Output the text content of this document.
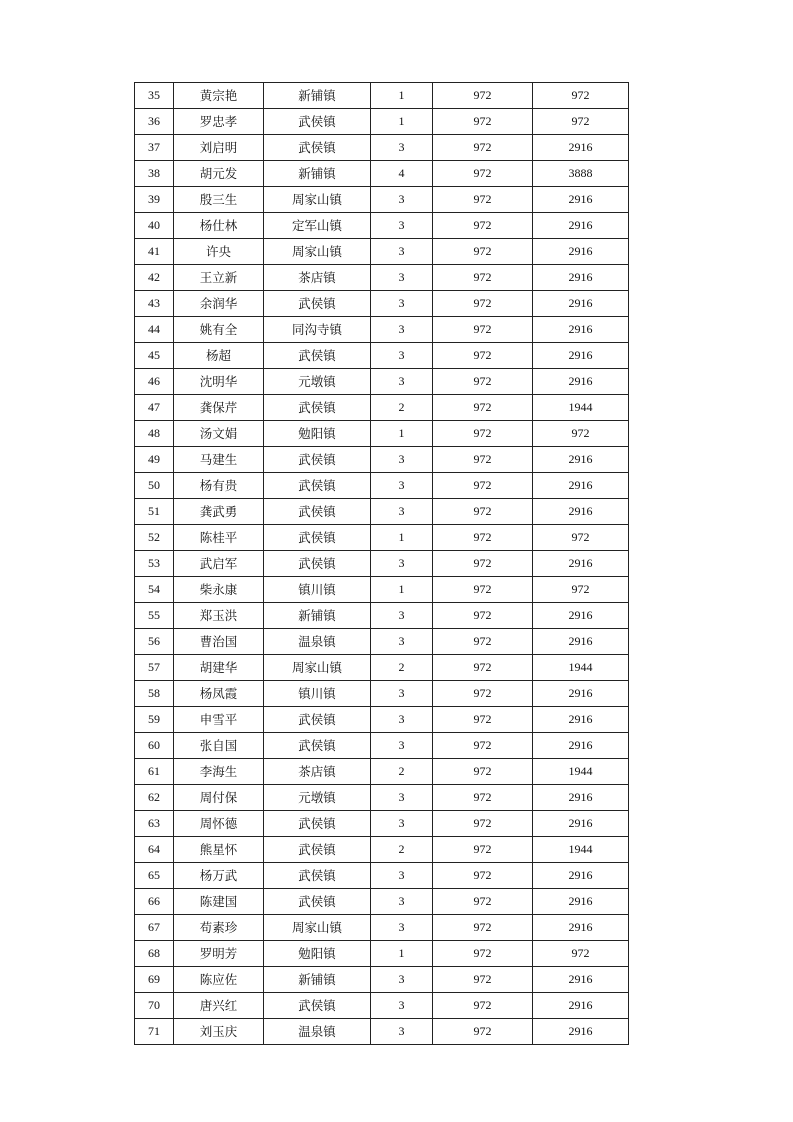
35	黄宗艳	新铺镇	1	972	972
36	罗忠孝	武侯镇	1	972	972
37	刘启明	武侯镇	3	972	2916
38	胡元发	新铺镇	4	972	3888
39	殷三生	周家山镇	3	972	2916
40	杨仕林	定军山镇	3	972	2916
41	许央	周家山镇	3	972	2916
42	王立新	茶店镇	3	972	2916
43	余润华	武侯镇	3	972	2916
44	姚有全	同沟寺镇	3	972	2916
45	杨超	武侯镇	3	972	2916
46	沈明华	元墩镇	3	972	2916
47	龚保芹	武侯镇	2	972	1944
48	汤文娟	勉阳镇	1	972	972
49	马建生	武侯镇	3	972	2916
50	杨有贵	武侯镇	3	972	2916
51	龚武勇	武侯镇	3	972	2916
52	陈桂平	武侯镇	1	972	972
53	武启军	武侯镇	3	972	2916
54	柴永康	镇川镇	1	972	972
55	郑玉洪	新铺镇	3	972	2916
56	曹治国	温泉镇	3	972	2916
57	胡建华	周家山镇	2	972	1944
58	杨凤霞	镇川镇	3	972	2916
59	申雪平	武侯镇	3	972	2916
60	张自国	武侯镇	3	972	2916
61	李海生	茶店镇	2	972	1944
62	周付保	元墩镇	3	972	2916
63	周怀德	武侯镇	3	972	2916
64	熊星怀	武侯镇	2	972	1944
65	杨万武	武侯镇	3	972	2916
66	陈建国	武侯镇	3	972	2916
67	苟素珍	周家山镇	3	972	2916
68	罗明芳	勉阳镇	1	972	972
69	陈应佐	新铺镇	3	972	2916
70	唐兴红	武侯镇	3	972	2916
71	刘玉庆	温泉镇	3	972	2916
